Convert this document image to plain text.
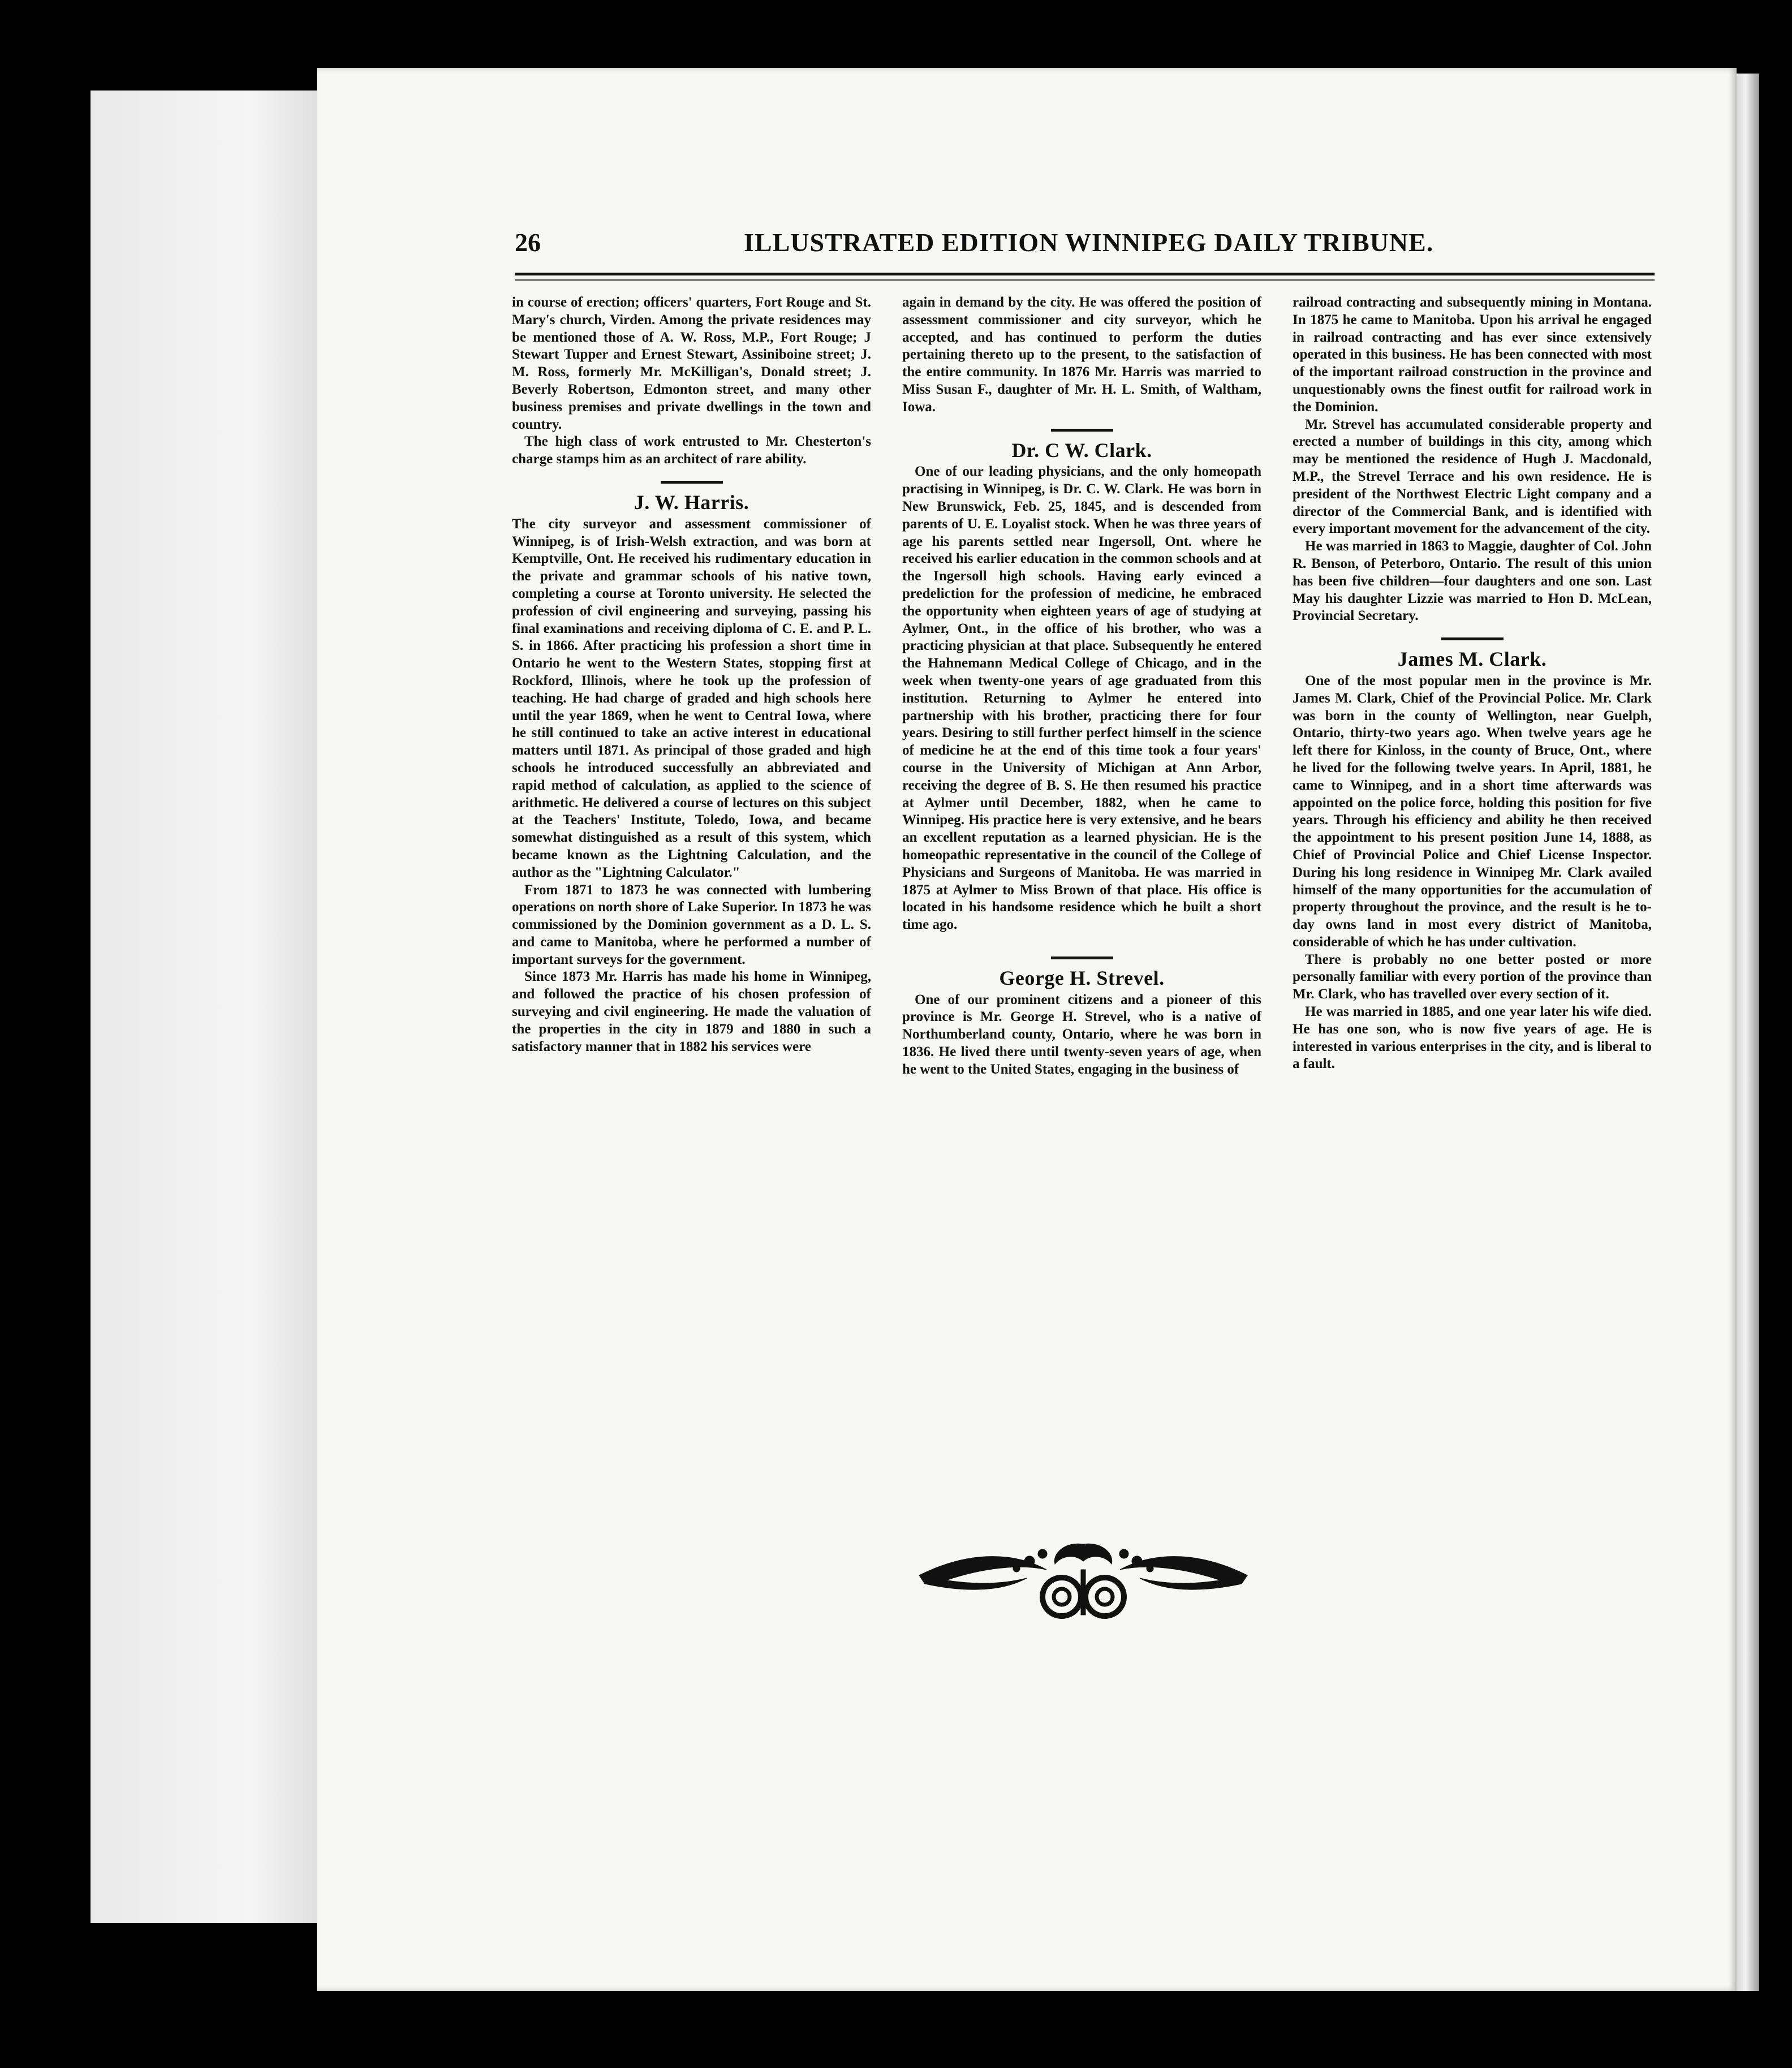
26	ILLUSTRATED EDITION WINNIPEG DAILY TRIBUNE.

in course of erection; officers' quarters, Fort Rouge and St. Mary's church, Virden. Among the private residences may be mentioned those of A. W. Ross, M.P., Fort Rouge; J Stewart Tupper and Ernest Stewart, Assiniboine street; J. M. Ross, formerly Mr. McKilligan's, Donald street; J. Beverly Robertson, Edmonton street, and many other business premises and private dwellings in the town and country.

The high class of work entrusted to Mr. Chesterton's charge stamps him as an architect of rare ability.

J. W. Harris.

The city surveyor and assessment commissioner of Winnipeg, is of Irish-Welsh extraction, and was born at Kemptville, Ont. He received his rudimentary education in the private and grammar schools of his native town, completing a course at Toronto university. He selected the profession of civil engineering and surveying, passing his final examinations and receiving diploma of C. E. and P. L. S. in 1866. After practicing his profession a short time in Ontario he went to the Western States, stopping first at Rockford, Illinois, where he took up the profession of teaching. He had charge of graded and high schools here until the year 1869, when he went to Central Iowa, where he still continued to take an active interest in educational matters until 1871. As principal of those graded and high schools he introduced successfully an abbreviated and rapid method of calculation, as applied to the science of arithmetic. He delivered a course of lectures on this subject at the Teachers' Institute, Toledo, Iowa, and became somewhat distinguished as a result of this system, which became known as the Lightning Calculation, and the author as the "Lightning Calculator."

From 1871 to 1873 he was connected with lumbering operations on north shore of Lake Superior. In 1873 he was commissioned by the Dominion government as a D. L. S. and came to Manitoba, where he performed a number of important surveys for the government.

Since 1873 Mr. Harris has made his home in Winnipeg, and followed the practice of his chosen profession of surveying and civil engineering. He made the valuation of the properties in the city in 1879 and 1880 in such a satisfactory manner that in 1882 his services were

again in demand by the city. He was offered the position of assessment commissioner and city surveyor, which he accepted, and has continued to perform the duties pertaining thereto up to the present, to the satisfaction of the entire community. In 1876 Mr. Harris was married to Miss Susan F., daughter of Mr. H. L. Smith, of Waltham, Iowa.

Dr. C W. Clark.

One of our leading physicians, and the only homeopath practising in Winnipeg, is Dr. C. W. Clark. He was born in New Brunswick, Feb. 25, 1845, and is descended from parents of U. E. Loyalist stock. When he was three years of age his parents settled near Ingersoll, Ont. where he received his earlier education in the common schools and at the Ingersoll high schools. Having early evinced a predeliction for the profession of medicine, he embraced the opportunity when eighteen years of age of studying at Aylmer, Ont., in the office of his brother, who was a practicing physician at that place. Subsequently he entered the Hahnemann Medical College of Chicago, and in the week when twenty-one years of age graduated from this institution. Returning to Aylmer he entered into partnership with his brother, practicing there for four years. Desiring to still further perfect himself in the science of medicine he at the end of this time took a four years' course in the University of Michigan at Ann Arbor, receiving the degree of B. S. He then resumed his practice at Aylmer until December, 1882, when he came to Winnipeg. His practice here is very extensive, and he bears an excellent reputation as a learned physician. He is the homeopathic representative in the council of the College of Physicians and Surgeons of Manitoba. He was married in 1875 at Aylmer to Miss Brown of that place. His office is located in his handsome residence which he built a short time ago.

George H. Strevel.

One of our prominent citizens and a pioneer of this province is Mr. George H. Strevel, who is a native of Northumberland county, Ontario, where he was born in 1836. He lived there until twenty-seven years of age, when he went to the United States, engaging in the business of

railroad contracting and subsequently mining in Montana. In 1875 he came to Manitoba. Upon his arrival he engaged in railroad contracting and has ever since extensively operated in this business. He has been connected with most of the important railroad construction in the province and unquestionably owns the finest outfit for railroad work in the Dominion.

Mr. Strevel has accumulated considerable property and erected a number of buildings in this city, among which may be mentioned the residence of Hugh J. Macdonald, M.P., the Strevel Terrace and his own residence. He is president of the Northwest Electric Light company and a director of the Commercial Bank, and is identified with every important movement for the advancement of the city.

He was married in 1863 to Maggie, daughter of Col. John R. Benson, of Peterboro, Ontario. The result of this union has been five children—four daughters and one son. Last May his daughter Lizzie was married to Hon D. McLean, Provincial Secretary.

James M. Clark.

One of the most popular men in the province is Mr. James M. Clark, Chief of the Provincial Police. Mr. Clark was born in the county of Wellington, near Guelph, Ontario, thirty-two years ago. When twelve years age he left there for Kinloss, in the county of Bruce, Ont., where he lived for the following twelve years. In April, 1881, he came to Winnipeg, and in a short time afterwards was appointed on the police force, holding this position for five years. Through his efficiency and ability he then received the appointment to his present position June 14, 1888, as Chief of Provincial Police and Chief License Inspector. During his long residence in Winnipeg Mr. Clark availed himself of the many opportunities for the accumulation of property throughout the province, and the result is he to-day owns land in most every district of Manitoba, considerable of which he has under cultivation.

There is probably no one better posted or more personally familiar with every portion of the province than Mr. Clark, who has travelled over every section of it.

He was married in 1885, and one year later his wife died. He has one son, who is now five years of age. He is interested in various enterprises in the city, and is liberal to a fault.
